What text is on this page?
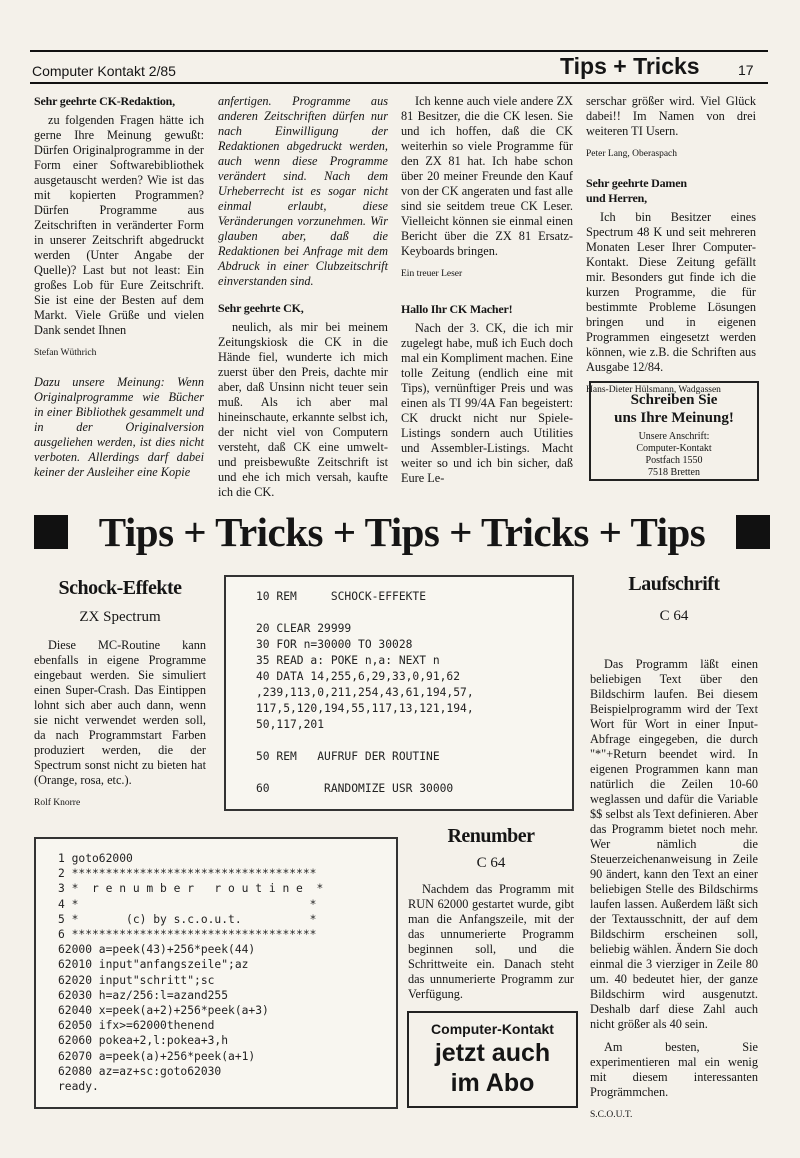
Computer Kontakt 2/85	Tips + Tricks	17
Sehr geehrte CK-Redaktion,

zu folgenden Fragen hätte ich gerne Ihre Meinung gewußt: Dürfen Originalprogramme in der Form einer Softwarebibliothek ausgetauscht werden? Wie ist das mit kopierten Programmen? Dürfen Programme aus Zeitschriften in veränderter Form in unserer Zeitschrift abgedruckt werden (Unter Angabe der Quelle)? Last but not least: Ein großes Lob für Eure Zeitschrift. Sie ist eine der Besten auf dem Markt. Viele Grüße und vielen Dank sendet Ihnen

Stefan Wüthrich

Dazu unsere Meinung: Wenn Originalprogramme wie Bücher in einer Bibliothek gesammelt und in der Originalversion ausgeliehen werden, ist dies nicht verboten. Allerdings darf dabei keiner der Ausleiher eine Kopie

anfertigen. Programme aus anderen Zeitschriften dürfen nur nach Einwilligung der Redaktionen abgedruckt werden, auch wenn diese Programme verändert sind. Nach dem Urheberrecht ist es sogar nicht einmal erlaubt, diese Veränderungen vorzunehmen. Wir glauben aber, daß die Redaktionen bei Anfrage mit dem Abdruck in einer Clubzeitschrift einverstanden sind.

Sehr geehrte CK,

neulich, als mir bei meinem Zeitungskiosk die CK in die Hände fiel, wunderte ich mich zuerst über den Preis, dachte mir aber, daß Unsinn nicht teuer sein muß. Als ich aber mal hineinschaute, erkannte selbst ich, der nicht viel von Computern versteht, daß CK eine umwelt- und preisbewußte Zeitschrift ist und ehe ich mich versah, kaufte ich die CK.

Ich kenne auch viele andere ZX 81 Besitzer, die die CK lesen. Sie und ich hoffen, daß die CK weiterhin so viele Programme für den ZX 81 hat. Ich habe schon über 20 meiner Freunde den Kauf von der CK angeraten und fast alle sind sie seitdem treue CK Leser. Vielleicht können sie einmal einen Bericht über die ZX 81 Ersatz-Keyboards bringen.

Ein treuer Leser

Hallo Ihr CK Macher!

Nach der 3. CK, die ich mir zugelegt habe, muß ich Euch doch mal ein Kompliment machen. Eine tolle Zeitung (endlich eine mit Tips), vernünftiger Preis und was einen als TI 99/4A Fan begeistert: CK druckt nicht nur Spiele-Listings sondern auch Utilities und Assembler-Listings. Macht weiter so und ich bin sicher, daß Eure Le-

serschar größer wird. Viel Glück dabei!! Im Namen von drei weiteren TI Usern.

Peter Lang, Oberaspach

Sehr geehrte Damen
und Herren,

Ich bin Besitzer eines Spectrum 48 K und seit mehreren Monaten Leser Ihrer Computer-Kontakt. Diese Zeitung gefällt mir. Besonders gut finde ich die kurzen Programme, die für bestimmte Probleme Lösungen bringen und in eigenen Programmen eingesetzt werden können, wie z.B. die Schriften aus Ausgabe 12/84.

Hans-Dieter Hülsmann, Wadgassen

Schreiben Sie
uns Ihre Meinung!
Unsere Anschrift:
Computer-Kontakt
Postfach 1550
7518 Bretten
Tips + Tricks + Tips + Tricks + Tips
Schock-Effekte
ZX Spectrum

Diese MC-Routine kann ebenfalls in eigene Programme eingebaut werden. Sie simuliert einen Super-Crash. Das Eintippen lohnt sich aber auch dann, wenn sie nicht verwendet werden soll, da nach Programmstart Farben produziert werden, die der Spectrum sonst nicht zu bieten hat (Orange, rosa, etc.).

Rolf Knorre

10 REM     SCHOCK-EFFEKTE

20 CLEAR 29999
30 FOR n=30000 TO 30028
35 READ a: POKE n,a: NEXT n
40 DATA 14,255,6,29,33,0,91,62
,239,113,0,211,254,43,61,194,57,
117,5,120,194,55,117,13,121,194,
50,117,201

50 REM   AUFRUF DER ROUTINE

60        RANDOMIZE USR 30000
1 goto62000
2 ************************************
3 *  r e n u m b e r   r o u t i n e  *
4 *                                  *
5 *       (c) by s.c.o.u.t.          *
6 ************************************
62000 a=peek(43)+256*peek(44)
62010 input"anfangszeile";az
62020 input"schritt";sc
62030 h=az/256:l=azand255
62040 x=peek(a+2)+256*peek(a+3)
62050 ifx>=62000thenend
62060 pokea+2,l:pokea+3,h
62070 a=peek(a)+256*peek(a+1)
62080 az=az+sc:goto62030
ready.
Renumber
C 64

Nachdem das Programm mit RUN 62000 gestartet wurde, gibt man die Anfangszeile, mit der das unnumerierte Programm beginnen soll, und die Schrittweite ein. Danach steht das unnumerierte Programm zur Verfügung.

Computer-Kontakt
jetzt auch
im Abo
Laufschrift
C 64

Das Programm läßt einen beliebigen Text über den Bildschirm laufen. Bei diesem Beispielprogramm wird der Text Wort für Wort in einer Input-Abfrage eingegeben, die durch "*"+Return beendet wird. In eigenen Programmen kann man natürlich die Zeilen 10-60 weglassen und dafür die Variable $$ selbst als Text definieren. Aber das Programm bietet noch mehr. Wer nämlich die Steuerzeichenanweisung in Zeile 90 ändert, kann den Text an einer beliebigen Stelle des Bildschirms laufen lassen. Außerdem läßt sich der Textausschnitt, der auf dem Bildschirm erscheinen soll, beliebig wählen. Ändern Sie doch einmal die 3 vierziger in Zeile 80 um. 40 bedeutet hier, der ganze Bildschirm wird ausgenutzt. Deshalb darf diese Zahl auch nicht größer als 40 sein.

Am besten, Sie experimentieren mal ein wenig mit diesem interessanten Progrämmchen.

S.C.O.U.T.
